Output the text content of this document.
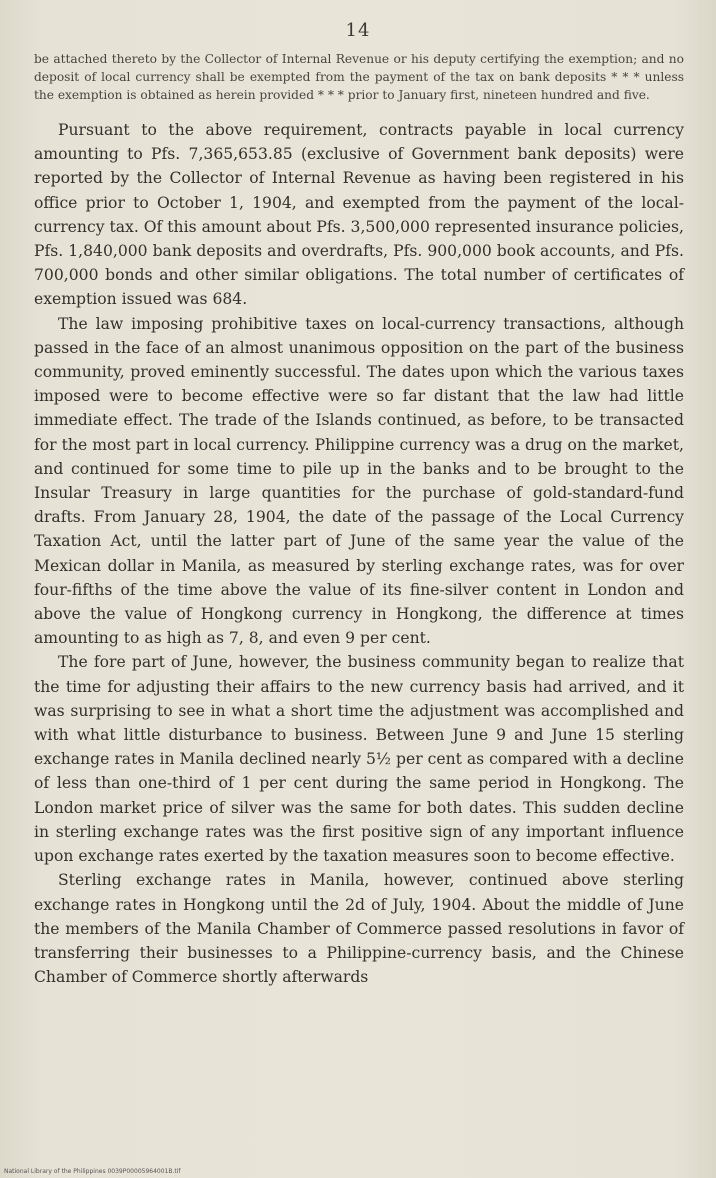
14

be attached thereto by the Collector of Internal Revenue or his deputy certifying the exemption; and no deposit of local currency shall be exempted from the payment of the tax on bank deposits * * * unless the exemption is obtained as herein provided * * * prior to January first, nineteen hundred and five.

Pursuant to the above requirement, contracts payable in local currency amounting to Pfs. 7,365,653.85 (exclusive of Government bank deposits) were reported by the Collector of Internal Revenue as having been registered in his office prior to October 1, 1904, and exempted from the payment of the local-currency tax. Of this amount about Pfs. 3,500,000 represented insurance policies, Pfs. 1,840,000 bank deposits and overdrafts, Pfs. 900,000 book accounts, and Pfs. 700,000 bonds and other similar obligations. The total number of certificates of exemption issued was 684.

The law imposing prohibitive taxes on local-currency transactions, although passed in the face of an almost unanimous opposition on the part of the business community, proved eminently successful. The dates upon which the various taxes imposed were to become effective were so far distant that the law had little immediate effect. The trade of the Islands continued, as before, to be transacted for the most part in local currency. Philippine currency was a drug on the market, and continued for some time to pile up in the banks and to be brought to the Insular Treasury in large quantities for the purchase of gold-standard-fund drafts. From January 28, 1904, the date of the passage of the Local Currency Taxation Act, until the latter part of June of the same year the value of the Mexican dollar in Manila, as measured by sterling exchange rates, was for over four-fifths of the time above the value of its fine-silver content in London and above the value of Hongkong currency in Hongkong, the difference at times amounting to as high as 7, 8, and even 9 per cent.

The fore part of June, however, the business community began to realize that the time for adjusting their affairs to the new currency basis had arrived, and it was surprising to see in what a short time the adjustment was accomplished and with what little disturbance to business. Between June 9 and June 15 sterling exchange rates in Manila declined nearly 5½ per cent as compared with a decline of less than one-third of 1 per cent during the same period in Hongkong. The London market price of silver was the same for both dates. This sudden decline in sterling exchange rates was the first positive sign of any important influence upon exchange rates exerted by the taxation measures soon to become effective.

Sterling exchange rates in Manila, however, continued above sterling exchange rates in Hongkong until the 2d of July, 1904. About the middle of June the members of the Manila Chamber of Commerce passed resolutions in favor of transferring their businesses to a Philippine-currency basis, and the Chinese Chamber of Commerce shortly afterwards

National Library of the Philippines 0039P00005964001B.tif
